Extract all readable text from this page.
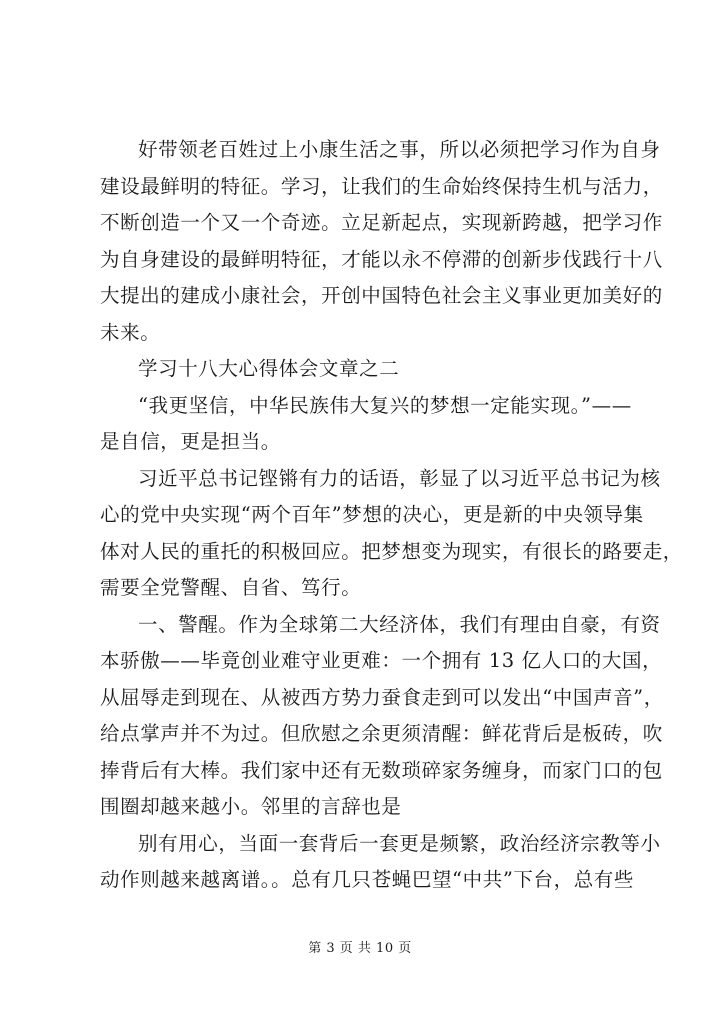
好带领老百姓过上小康生活之事，所以必须把学习作为自身
建设最鲜明的特征。学习，让我们的生命始终保持生机与活力，
不断创造一个又一个奇迹。立足新起点，实现新跨越，把学习作
为自身建设的最鲜明特征，才能以永不停滞的创新步伐践行十八
大提出的建成小康社会，开创中国特色社会主义事业更加美好的
未来。
学习十八大心得体会文章之二
“我更坚信，中华民族伟大复兴的梦想一定能实现。”——
是自信，更是担当。
习近平总书记铿锵有力的话语，彰显了以习近平总书记为核
心的党中央实现“两个百年”梦想的决心，更是新的中央领导集
体对人民的重托的积极回应。把梦想变为现实，有很长的路要走，
需要全党警醒、自省、笃行。
一、警醒。作为全球第二大经济体，我们有理由自豪，有资
本骄傲——毕竟创业难守业更难：一个拥有 13 亿人口的大国，
从屈辱走到现在、从被西方势力蚕食走到可以发出“中国声音”，
给点掌声并不为过。但欣慰之余更须清醒：鲜花背后是板砖，吹
捧背后有大棒。我们家中还有无数琐碎家务缠身，而家门口的包
围圈却越来越小。邻里的言辞也是
别有用心，当面一套背后一套更是频繁，政治经济宗教等小
动作则越来越离谱。。总有几只苍蝇巴望“中共”下台，总有些
第 3 页 共 10 页
